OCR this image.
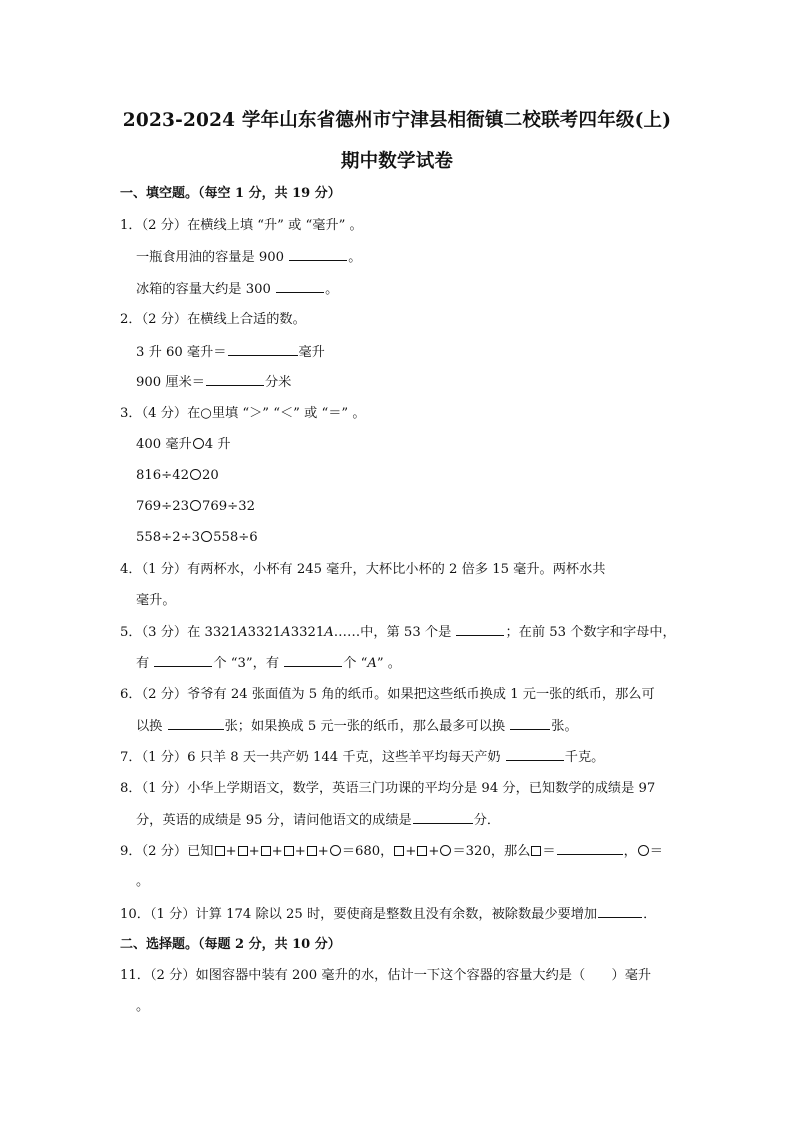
2023-2024 学年山东省德州市宁津县相衙镇二校联考四年级(上)
期中数学试卷
一、填空题。（每空 1 分，共 19 分）
1．（2 分）在横线上填 “升” 或 “毫升” 。
一瓶食用油的容量是 900	。
冰箱的容量大约是 300	。
2．（2 分）在横线上合适的数。
3 升 60 毫升＝	毫升
900 厘米＝	分米
3．（4 分）在○里填 “＞” “＜” 或 “＝” 。
400 毫升 4 升
816÷42 20
769÷23 769÷32
558÷2÷3 558÷6
4．（1 分）有两杯水，小杯有 245 毫升，大杯比小杯的 2 倍多 15 毫升。两杯水共
毫升。
5．（3 分）在 3321A3321A3321A……中，第 53 个是	；在前 53 个数字和字母中，
有	个 “3”，有	个 “A” 。
6．（2 分）爷爷有 24 张面值为 5 角的纸币。如果把这些纸币换成 1 元一张的纸币，那么可
以换	张；如果换成 5 元一张的纸币，那么最多可以换	张。
7．（1 分）6 只羊 8 天一共产奶 144 千克，这些羊平均每天产奶	千克。
8．（1 分）小华上学期语文，数学，英语三门功课的平均分是 94 分，已知数学的成绩是 97
分，英语的成绩是 95 分，请问他语文的成绩是	分．
9．（2 分）已知 + + + + + ＝680， + + ＝320，那么 ＝	， ＝
。
10．（1 分）计算 174 除以 25 时，要使商是整数且没有余数，被除数最少要增加	．
二、选择题。（每题 2 分，共 10 分）
11．（2 分）如图容器中装有 200 毫升的水，估计一下这个容器的容量大约是（　　）毫升
。
